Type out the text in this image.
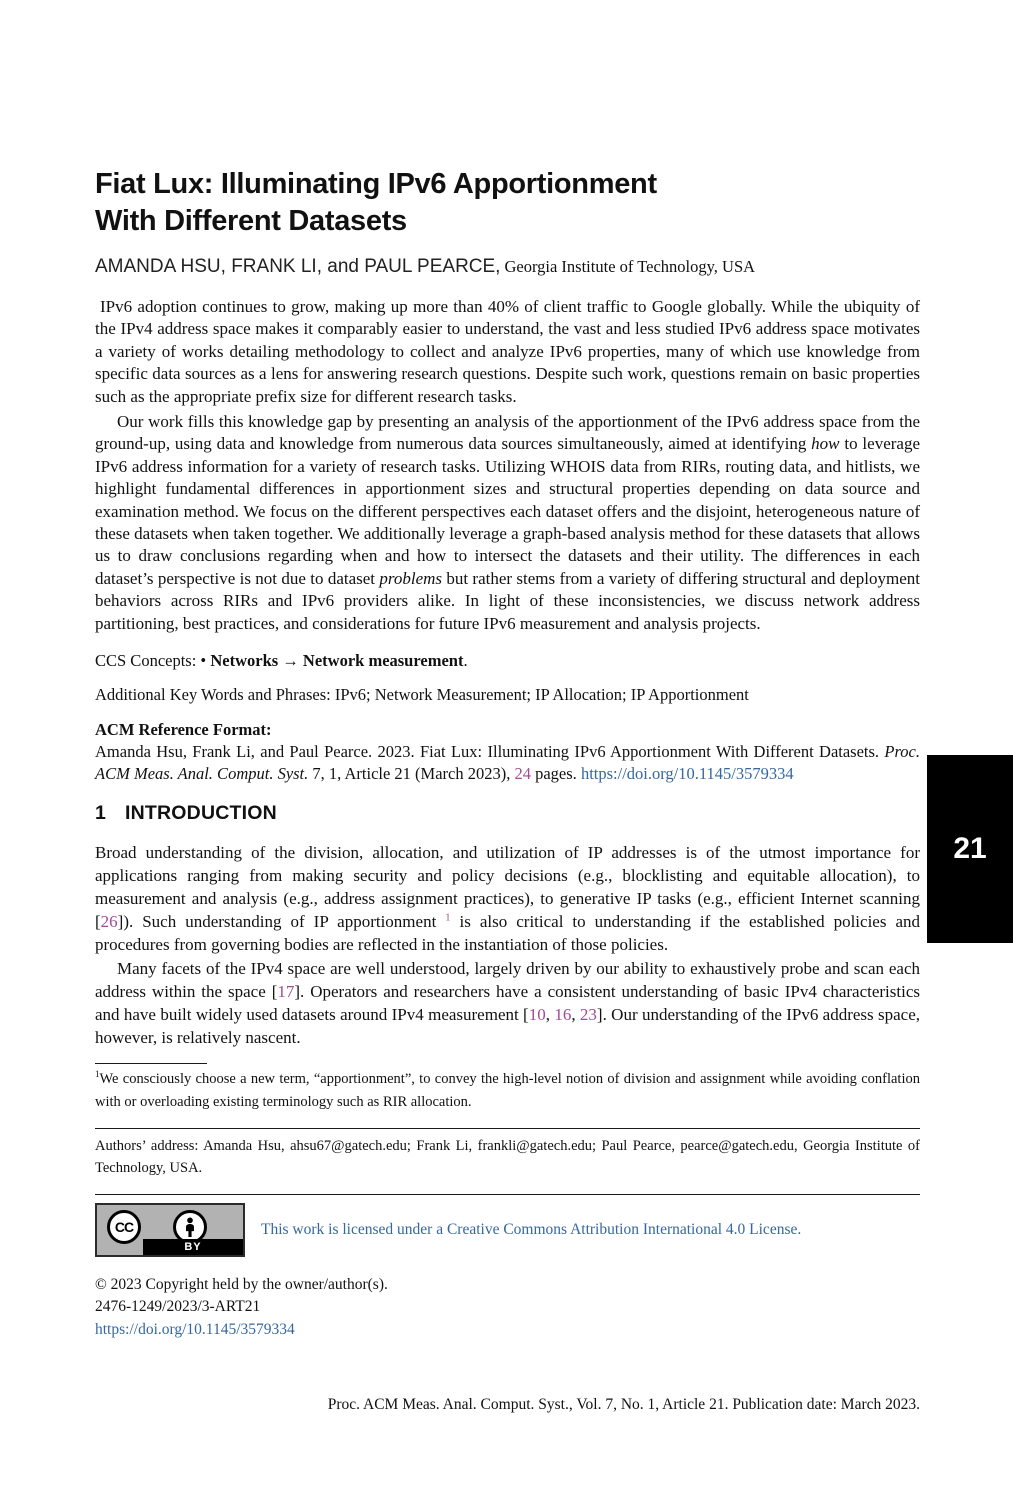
21
Fiat Lux: Illuminating IPv6 Apportionment
With Different Datasets
AMANDA HSU, FRANK LI, and PAUL PEARCE, Georgia Institute of Technology, USA

IPv6 adoption continues to grow, making up more than 40% of client traffic to Google globally. While the ubiquity of the IPv4 address space makes it comparably easier to understand, the vast and less studied IPv6 address space motivates a variety of works detailing methodology to collect and analyze IPv6 properties, many of which use knowledge from specific data sources as a lens for answering research questions. Despite such work, questions remain on basic properties such as the appropriate prefix size for different research tasks.

Our work fills this knowledge gap by presenting an analysis of the apportionment of the IPv6 address space from the ground-up, using data and knowledge from numerous data sources simultaneously, aimed at identifying how to leverage IPv6 address information for a variety of research tasks. Utilizing WHOIS data from RIRs, routing data, and hitlists, we highlight fundamental differences in apportionment sizes and structural properties depending on data source and examination method. We focus on the different perspectives each dataset offers and the disjoint, heterogeneous nature of these datasets when taken together. We additionally leverage a graph-based analysis method for these datasets that allows us to draw conclusions regarding when and how to intersect the datasets and their utility. The differences in each dataset’s perspective is not due to dataset problems but rather stems from a variety of differing structural and deployment behaviors across RIRs and IPv6 providers alike. In light of these inconsistencies, we discuss network address partitioning, best practices, and considerations for future IPv6 measurement and analysis projects.

CCS Concepts: • Networks → Network measurement.

Additional Key Words and Phrases: IPv6; Network Measurement; IP Allocation; IP Apportionment

ACM Reference Format:

Amanda Hsu, Frank Li, and Paul Pearce. 2023. Fiat Lux: Illuminating IPv6 Apportionment With Different Datasets. Proc. ACM Meas. Anal. Comput. Syst. 7, 1, Article 21 (March 2023), 24 pages. https://doi.org/10.1145/3579334

1 INTRODUCTION

Broad understanding of the division, allocation, and utilization of IP addresses is of the utmost importance for applications ranging from making security and policy decisions (e.g., blocklisting and equitable allocation), to measurement and analysis (e.g., address assignment practices), to generative IP tasks (e.g., efficient Internet scanning [26]). Such understanding of IP apportionment $^1$ is also critical to understanding if the established policies and procedures from governing bodies are reflected in the instantiation of those policies.

Many facets of the IPv4 space are well understood, largely driven by our ability to exhaustively probe and scan each address within the space [17]. Operators and researchers have a consistent understanding of basic IPv4 characteristics and have built widely used datasets around IPv4 measurement [10, 16, 23]. Our understanding of the IPv6 address space, however, is relatively nascent.

$^1$We consciously choose a new term, “apportionment”, to convey the high-level notion of division and assignment while avoiding conflation with or overloading existing terminology such as RIR allocation.

Authors’ address: Amanda Hsu, ahsu67@gatech.edu; Frank Li, frankli@gatech.edu; Paul Pearce, pearce@gatech.edu, Georgia Institute of Technology, USA.

CC
BY
This work is licensed under a Creative Commons Attribution International 4.0 License.
© 2023 Copyright held by the owner/author(s).
2476-1249/2023/3-ART21
https://doi.org/10.1145/3579334
Proc. ACM Meas. Anal. Comput. Syst., Vol. 7, No. 1, Article 21. Publication date: March 2023.
